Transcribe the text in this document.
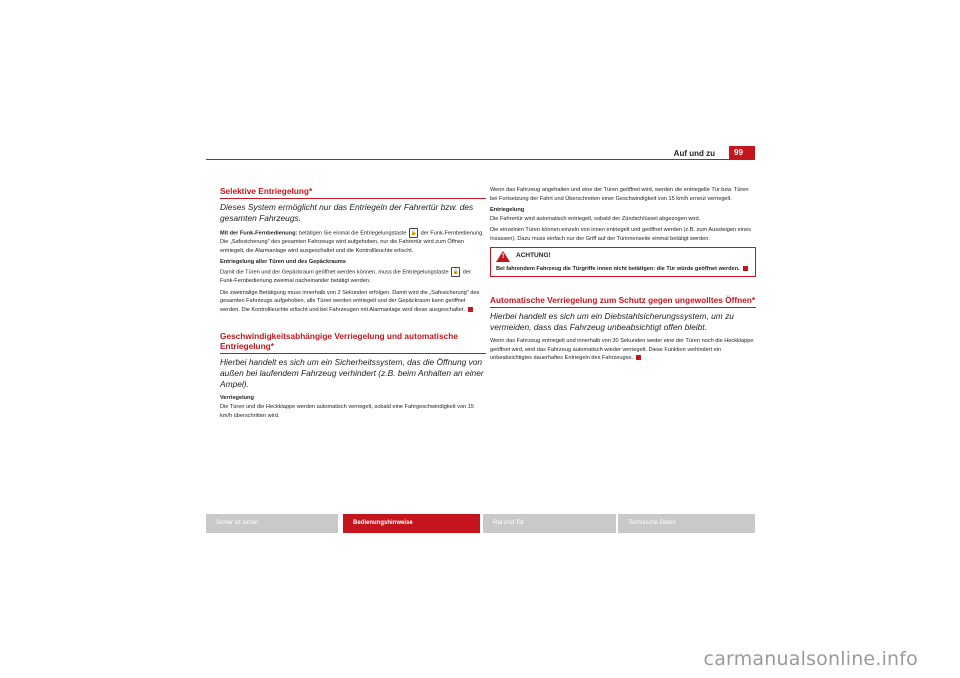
Auf und zu	99
Selektive Entriegelung*
Dieses System ermöglicht nur das Entriegeln der Fahrertür bzw. des gesamten Fahrzeugs.

Mit der Funk-Fernbedienung: betätigen Sie einmal die Entriegelungstaste 🔓 der Funk-Fernbedienung. Die „Safesicherung" des gesamten Fahrzeugs wird aufgehoben, nur die Fahrertür wird zum Öffnen entriegelt, die Alarmanlage wird ausgeschaltet und die Kontrollleuchte erlischt.

Entriegelung aller Türen und des Gepäckraums
Damit die Türen und der Gepäckraum geöffnet werden können, muss die Entriegelungstaste 🔓 der Funk-Fernbedienung zweimal nacheinander betätigt werden.

Die zweimalige Betätigung muss innerhalb von 2 Sekunden erfolgen. Damit wird die „Safesicherung" des gesamten Fahrzeugs aufgehoben, alle Türen werden entriegelt und der Gepäckraum kann geöffnet werden. Die Kontrollleuchte erlischt und bei Fahrzeugen mit Alarmanlage wird diese ausgeschaltet.

Geschwindigkeitsabhängige Verriegelung und automatische Entriegelung*
Hierbei handelt es sich um ein Sicherheitssystem, das die Öffnung von außen bei laufendem Fahrzeug verhindert (z.B. beim Anhalten an einer Ampel).

Verriegelung
Die Türen und die Heckklappe werden automatisch verriegelt, sobald eine Fahrgeschwindigkeit von 15 km/h überschritten wird.

Wenn das Fahrzeug angehalten und eine der Türen geöffnet wird, werden die entriegelte Tür bzw. Türen bei Fortsetzung der Fahrt und Überschreiten einer Geschwindigkeit von 15 km/h erneut verriegelt.

Entriegelung
Die Fahrertür wird automatisch entriegelt, sobald der Zündschlüssel abgezogen wird.

Die einzelnen Türen können einzeln von innen entriegelt und geöffnet werden (z.B. zum Aussteigen eines Insassen). Dazu muss einfach nur der Griff auf der Türinnenseite einmal betätigt werden.

! ACHTUNG!
Bei fahrendem Fahrzeug die Türgriffe innen nicht betätigen: die Tür würde geöffnet werden.
Automatische Verriegelung zum Schutz gegen ungewolltes Öffnen*
Hierbei handelt es sich um ein Diebstahlsicherungssystem, um zu vermeiden, dass das Fahrzeug unbeabsichtigt offen bleibt.

Wenn das Fahrzeug entriegelt und innerhalb von 30 Sekunden weder eine der Türen noch die Heckklappe geöffnet wird, wird das Fahrzeug automatisch wieder verriegelt. Diese Funktion verhindert ein unbeabsichtigtes dauerhaftes Entriegeln des Fahrzeuges.

Sicher ist sicher	Bedienungshinweise	Rat und Tat	Technische Daten
carmanualsonline.info
